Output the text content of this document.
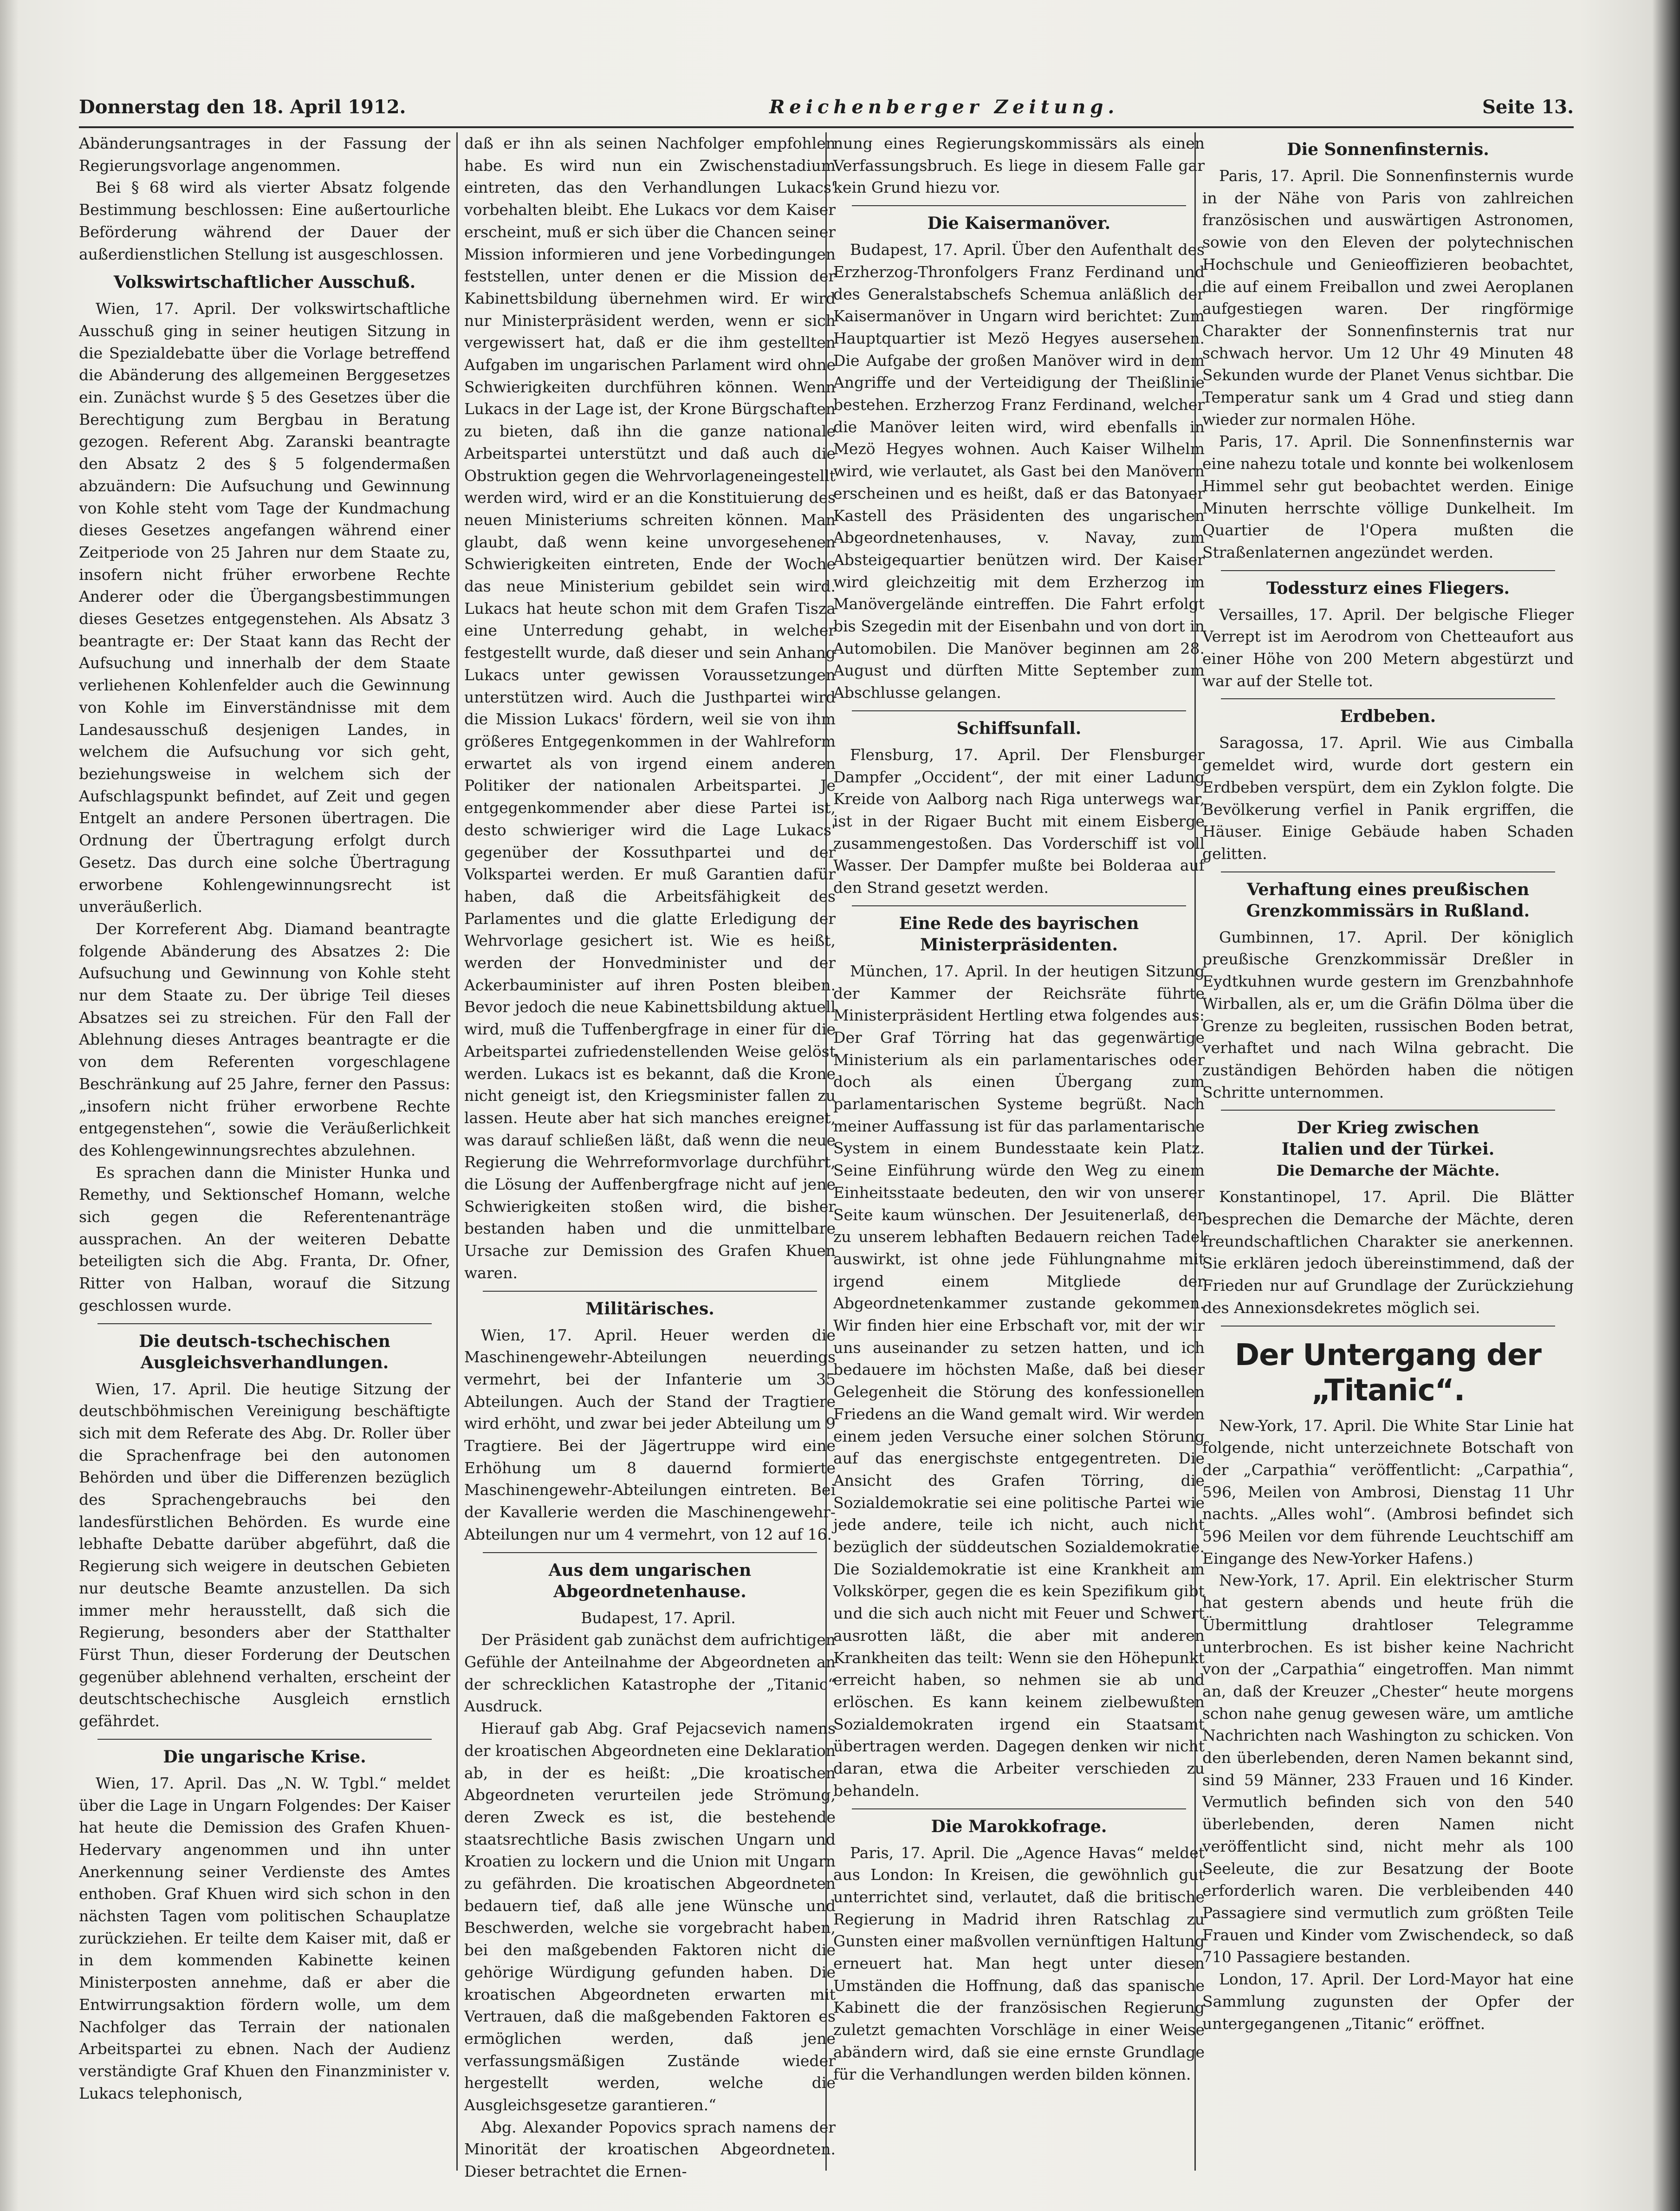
Donnerstag den 18. April 1912.	Reichenberger Zeitung.	Seite 13.

Abänderungsantrages in der Fassung der Regierungsvorlage angenommen.

Bei § 68 wird als vierter Absatz folgende Bestimmung beschlossen: Eine außertourliche Beförderung während der Dauer der außerdienstlichen Stellung ist ausgeschlossen.

Volkswirtschaftlicher Ausschuß.

Wien, 17. April. Der volkswirtschaftliche Ausschuß ging in seiner heutigen Sitzung in die Spezialdebatte über die Vorlage betreffend die Abänderung des allgemeinen Berggesetzes ein. Zunächst wurde § 5 des Gesetzes über die Berechtigung zum Bergbau in Beratung gezogen. Referent Abg. Zaranski beantragte den Absatz 2 des § 5 folgendermaßen abzuändern: Die Aufsuchung und Gewinnung von Kohle steht vom Tage der Kundmachung dieses Gesetzes angefangen während einer Zeitperiode von 25 Jahren nur dem Staate zu, insofern nicht früher erworbene Rechte Anderer oder die Übergangsbestimmungen dieses Gesetzes entgegenstehen. Als Absatz 3 beantragte er: Der Staat kann das Recht der Aufsuchung und innerhalb der dem Staate verliehenen Kohlenfelder auch die Gewinnung von Kohle im Einverständnisse mit dem Landesausschuß desjenigen Landes, in welchem die Aufsuchung vor sich geht, beziehungsweise in welchem sich der Aufschlagspunkt befindet, auf Zeit und gegen Entgelt an andere Personen übertragen. Die Ordnung der Übertragung erfolgt durch Gesetz. Das durch eine solche Übertragung erworbene Kohlengewinnungsrecht ist unveräußerlich.

Der Korreferent Abg. Diamand beantragte folgende Abänderung des Absatzes 2: Die Aufsuchung und Gewinnung von Kohle steht nur dem Staate zu. Der übrige Teil dieses Absatzes sei zu streichen. Für den Fall der Ablehnung dieses Antrages beantragte er die von dem Referenten vorgeschlagene Beschränkung auf 25 Jahre, ferner den Passus: „insofern nicht früher erworbene Rechte entgegenstehen“, sowie die Veräußerlichkeit des Kohlengewinnungsrechtes abzulehnen.

Es sprachen dann die Minister Hunka und Remethy, und Sektionschef Homann, welche sich gegen die Referentenanträge aussprachen. An der weiteren Debatte beteiligten sich die Abg. Franta, Dr. Ofner, Ritter von Halban, worauf die Sitzung geschlossen wurde.

Die deutsch-tschechischen
Ausgleichsverhandlungen.

Wien, 17. April. Die heutige Sitzung der deutschböhmischen Vereinigung beschäftigte sich mit dem Referate des Abg. Dr. Roller über die Sprachenfrage bei den autonomen Behörden und über die Differenzen bezüglich des Sprachengebrauchs bei den landesfürstlichen Behörden. Es wurde eine lebhafte Debatte darüber abgeführt, daß die Regierung sich weigere in deutschen Gebieten nur deutsche Beamte anzustellen. Da sich immer mehr herausstellt, daß sich die Regierung, besonders aber der Statthalter Fürst Thun, dieser Forderung der Deutschen gegenüber ablehnend verhalten, erscheint der deutschtschechische Ausgleich ernstlich gefährdet.

Die ungarische Krise.

Wien, 17. April. Das „N. W. Tgbl.“ meldet über die Lage in Ungarn Folgendes: Der Kaiser hat heute die Demission des Grafen Khuen-Hedervary angenommen und ihn unter Anerkennung seiner Verdienste des Amtes enthoben. Graf Khuen wird sich schon in den nächsten Tagen vom politischen Schauplatze zurückziehen. Er teilte dem Kaiser mit, daß er in dem kommenden Kabinette keinen Ministerposten annehme, daß er aber die Entwirrungsaktion fördern wolle, um dem Nachfolger das Terrain der nationalen Arbeitspartei zu ebnen. Nach der Audienz verständigte Graf Khuen den Finanzminister v. Lukacs telephonisch,

daß er ihn als seinen Nachfolger empfohlen habe. Es wird nun ein Zwischenstadium eintreten, das den Verhandlungen Lukacs' vorbehalten bleibt. Ehe Lukacs vor dem Kaiser erscheint, muß er sich über die Chancen seiner Mission informieren und jene Vorbedingungen feststellen, unter denen er die Mission der Kabinettsbildung übernehmen wird. Er wird nur Ministerpräsident werden, wenn er sich vergewissert hat, daß er die ihm gestellten Aufgaben im ungarischen Parlament wird ohne Schwierigkeiten durchführen können. Wenn Lukacs in der Lage ist, der Krone Bürgschaften zu bieten, daß ihn die ganze nationale Arbeitspartei unterstützt und daß auch die Obstruktion gegen die Wehrvorlageneingestellt werden wird, wird er an die Konstituierung des neuen Ministeriums schreiten können. Man glaubt, daß wenn keine unvorgesehenen Schwierigkeiten eintreten, Ende der Woche das neue Ministerium gebildet sein wird. Lukacs hat heute schon mit dem Grafen Tisza eine Unterredung gehabt, in welcher festgestellt wurde, daß dieser und sein Anhang Lukacs unter gewissen Voraussetzungen unterstützen wird. Auch die Justhpartei wird die Mission Lukacs' fördern, weil sie von ihm größeres Entgegenkommen in der Wahlreform erwartet als von irgend einem anderen Politiker der nationalen Arbeitspartei. Je entgegenkommender aber diese Partei ist, desto schwieriger wird die Lage Lukacs' gegenüber der Kossuthpartei und der Volkspartei werden. Er muß Garantien dafür haben, daß die Arbeitsfähigkeit des Parlamentes und die glatte Erledigung der Wehrvorlage gesichert ist. Wie es heißt, werden der Honvedminister und der Ackerbauminister auf ihren Posten bleiben. Bevor jedoch die neue Kabinettsbildung aktuell wird, muß die Tuffenbergfrage in einer für die Arbeitspartei zufriedenstellenden Weise gelöst werden. Lukacs ist es bekannt, daß die Krone nicht geneigt ist, den Kriegsminister fallen zu lassen. Heute aber hat sich manches ereignet, was darauf schließen läßt, daß wenn die neue Regierung die Wehrreformvorlage durchführt, die Lösung der Auffenbergfrage nicht auf jene Schwierigkeiten stoßen wird, die bisher bestanden haben und die unmittelbare Ursache zur Demission des Grafen Khuen waren.

Militärisches.

Wien, 17. April. Heuer werden die Maschinengewehr-Abteilungen neuerdings vermehrt, bei der Infanterie um 35 Abteilungen. Auch der Stand der Tragtiere wird erhöht, und zwar bei jeder Abteilung um 9 Tragtiere. Bei der Jägertruppe wird eine Erhöhung um 8 dauernd formierte Maschinengewehr-Abteilungen eintreten. Bei der Kavallerie werden die Maschinengewehr-Abteilungen nur um 4 vermehrt, von 12 auf 16.

Aus dem ungarischen Abgeordnetenhause.

Budapest, 17. April.

Der Präsident gab zunächst dem aufrichtigen Gefühle der Anteilnahme der Abgeordneten an der schrecklichen Katastrophe der „Titanic“ Ausdruck.

Hierauf gab Abg. Graf Pejacsevich namens der kroatischen Abgeordneten eine Deklaration ab, in der es heißt: „Die kroatischen Abgeordneten verurteilen jede Strömung, deren Zweck es ist, die bestehende staatsrechtliche Basis zwischen Ungarn und Kroatien zu lockern und die Union mit Ungarn zu gefährden. Die kroatischen Abgeordneten bedauern tief, daß alle jene Wünsche und Beschwerden, welche sie vorgebracht haben, bei den maßgebenden Faktoren nicht die gehörige Würdigung gefunden haben. Die kroatischen Abgeordneten erwarten mit Vertrauen, daß die maßgebenden Faktoren es ermöglichen werden, daß jene verfassungsmäßigen Zustände wieder hergestellt werden, welche die Ausgleichsgesetze garantieren.“

Abg. Alexander Popovics sprach namens der Minorität der kroatischen Abgeordneten. Dieser betrachtet die Ernen-

nung eines Regierungskommissärs als einen Verfassungsbruch. Es liege in diesem Falle gar kein Grund hiezu vor.

Die Kaisermanöver.

Budapest, 17. April. Über den Aufenthalt des Erzherzog-Thronfolgers Franz Ferdinand und des Generalstabschefs Schemua anläßlich der Kaisermanöver in Ungarn wird berichtet: Zum Hauptquartier ist Mezö Hegyes ausersehen. Die Aufgabe der großen Manöver wird in dem Angriffe und der Verteidigung der Theißlinie bestehen. Erzherzog Franz Ferdinand, welcher die Manöver leiten wird, wird ebenfalls in Mezö Hegyes wohnen. Auch Kaiser Wilhelm wird, wie verlautet, als Gast bei den Manövern erscheinen und es heißt, daß er das Batonyaer Kastell des Präsidenten des ungarischen Abgeordnetenhauses, v. Navay, zum Absteigequartier benützen wird. Der Kaiser wird gleichzeitig mit dem Erzherzog im Manövergelände eintreffen. Die Fahrt erfolgt bis Szegedin mit der Eisenbahn und von dort in Automobilen. Die Manöver beginnen am 28. August und dürften Mitte September zum Abschlusse gelangen.

Schiffsunfall.

Flensburg, 17. April. Der Flensburger Dampfer „Occident“, der mit einer Ladung Kreide von Aalborg nach Riga unterwegs war, ist in der Rigaer Bucht mit einem Eisberge zusammengestoßen. Das Vorderschiff ist voll Wasser. Der Dampfer mußte bei Bolderaa auf den Strand gesetzt werden.

Eine Rede des bayrischen
Ministerpräsidenten.

München, 17. April. In der heutigen Sitzung der Kammer der Reichsräte führte Ministerpräsident Hertling etwa folgendes aus: Der Graf Törring hat das gegenwärtige Ministerium als ein parlamentarisches oder doch als einen Übergang zum parlamentarischen Systeme begrüßt. Nach meiner Auffassung ist für das parlamentarische System in einem Bundesstaate kein Platz. Seine Einführung würde den Weg zu einem Einheitsstaate bedeuten, den wir von unserer Seite kaum wünschen. Der Jesuitenerlaß, der zu unserem lebhaften Bedauern reichen Tadel auswirkt, ist ohne jede Fühlungnahme mit irgend einem Mitgliede der Abgeordnetenkammer zustande gekommen. Wir finden hier eine Erbschaft vor, mit der wir uns auseinander zu setzen hatten, und ich bedauere im höchsten Maße, daß bei dieser Gelegenheit die Störung des konfessionellen Friedens an die Wand gemalt wird. Wir werden einem jeden Versuche einer solchen Störung auf das energischste entgegentreten. Die Ansicht des Grafen Törring, die Sozialdemokratie sei eine politische Partei wie jede andere, teile ich nicht, auch nicht bezüglich der süddeutschen Sozialdemokratie. Die Sozialdemokratie ist eine Krankheit am Volkskörper, gegen die es kein Spezifikum gibt und die sich auch nicht mit Feuer und Schwert ausrotten läßt, die aber mit anderen Krankheiten das teilt: Wenn sie den Höhepunkt erreicht haben, so nehmen sie ab und erlöschen. Es kann keinem zielbewußten Sozialdemokraten irgend ein Staatsamt übertragen werden. Dagegen denken wir nicht daran, etwa die Arbeiter verschieden zu behandeln.

Die Marokkofrage.

Paris, 17. April. Die „Agence Havas“ meldet aus London: In Kreisen, die gewöhnlich gut unterrichtet sind, verlautet, daß die britische Regierung in Madrid ihren Ratschlag zu Gunsten einer maßvollen vernünftigen Haltung erneuert hat. Man hegt unter diesen Umständen die Hoffnung, daß das spanische Kabinett die der französischen Regierung zuletzt gemachten Vorschläge in einer Weise abändern wird, daß sie eine ernste Grundlage für die Verhandlungen werden bilden können.

Die Sonnenfinsternis.

Paris, 17. April. Die Sonnenfinsternis wurde in der Nähe von Paris von zahlreichen französischen und auswärtigen Astronomen, sowie von den Eleven der polytechnischen Hochschule und Genieoffizieren beobachtet, die auf einem Freiballon und zwei Aeroplanen aufgestiegen waren. Der ringförmige Charakter der Sonnenfinsternis trat nur schwach hervor. Um 12 Uhr 49 Minuten 48 Sekunden wurde der Planet Venus sichtbar. Die Temperatur sank um 4 Grad und stieg dann wieder zur normalen Höhe.

Paris, 17. April. Die Sonnenfinsternis war eine nahezu totale und konnte bei wolkenlosem Himmel sehr gut beobachtet werden. Einige Minuten herrschte völlige Dunkelheit. Im Quartier de l'Opera mußten die Straßenlaternen angezündet werden.

Todessturz eines Fliegers.

Versailles, 17. April. Der belgische Flieger Verrept ist im Aerodrom von Chetteaufort aus einer Höhe von 200 Metern abgestürzt und war auf der Stelle tot.

Erdbeben.

Saragossa, 17. April. Wie aus Cimballa gemeldet wird, wurde dort gestern ein Erdbeben verspürt, dem ein Zyklon folgte. Die Bevölkerung verfiel in Panik ergriffen, die Häuser. Einige Gebäude haben Schaden gelitten.

Verhaftung eines preußischen
Grenzkommissärs in Rußland.

Gumbinnen, 17. April. Der königlich preußische Grenzkommissär Dreßler in Eydtkuhnen wurde gestern im Grenzbahnhofe Wirballen, als er, um die Gräfin Dölma über die Grenze zu begleiten, russischen Boden betrat, verhaftet und nach Wilna gebracht. Die zuständigen Behörden haben die nötigen Schritte unternommen.

Der Krieg zwischen
Italien und der Türkei.
Die Demarche der Mächte.

Konstantinopel, 17. April. Die Blätter besprechen die Demarche der Mächte, deren freundschaftlichen Charakter sie anerkennen. Sie erklären jedoch übereinstimmend, daß der Frieden nur auf Grundlage der Zurückziehung des Annexionsdekretes möglich sei.

Der Untergang der „Titanic“.

New-York, 17. April. Die White Star Linie hat folgende, nicht unterzeichnete Botschaft von der „Carpathia“ veröffentlicht: „Carpathia“, 596, Meilen von Ambrosi, Dienstag 11 Uhr nachts. „Alles wohl“. (Ambrosi befindet sich 596 Meilen vor dem führende Leuchtschiff am Eingange des New-Yorker Hafens.)

New-York, 17. April. Ein elektrischer Sturm hat gestern abends und heute früh die Übermittlung drahtloser Telegramme unterbrochen. Es ist bisher keine Nachricht von der „Carpathia“ eingetroffen. Man nimmt an, daß der Kreuzer „Chester“ heute morgens schon nahe genug gewesen wäre, um amtliche Nachrichten nach Washington zu schicken. Von den überlebenden, deren Namen bekannt sind, sind 59 Männer, 233 Frauen und 16 Kinder. Vermutlich befinden sich von den 540 überlebenden, deren Namen nicht veröffentlicht sind, nicht mehr als 100 Seeleute, die zur Besatzung der Boote erforderlich waren. Die verbleibenden 440 Passagiere sind vermutlich zum größten Teile Frauen und Kinder vom Zwischendeck, so daß 710 Passagiere bestanden.

London, 17. April. Der Lord-Mayor hat eine Sammlung zugunsten der Opfer der untergegangenen „Titanic“ eröffnet.
